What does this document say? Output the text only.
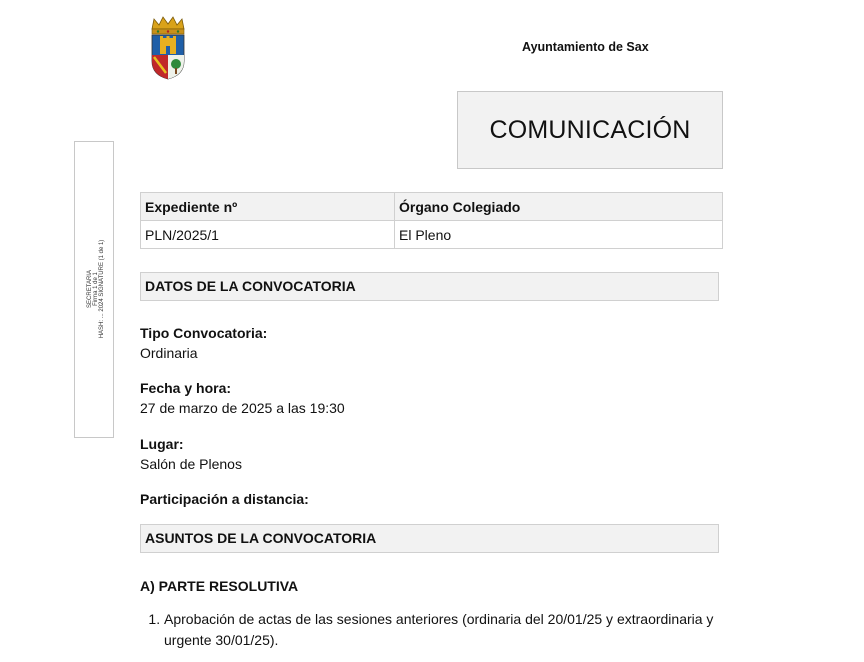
Ayuntamiento de Sax
COMUNICACIÓN
SECRETARIA Firma 1 de 1 HASH: ... 2024 SIGNATURE (1 de 1)
Expediente nº	Órgano Colegiado
PLN/2025/1	El Pleno
DATOS DE LA CONVOCATORIA
Tipo Convocatoria:
Ordinaria
Fecha y hora:
27 de marzo de 2025 a las 19:30
Lugar:
Salón de Plenos
Participación a distancia:
ASUNTOS DE LA CONVOCATORIA
A) PARTE RESOLUTIVA
1. Aprobación de actas de las sesiones anteriores (ordinaria del 20/01/25 y extraordinaria y urgente 30/01/25).
